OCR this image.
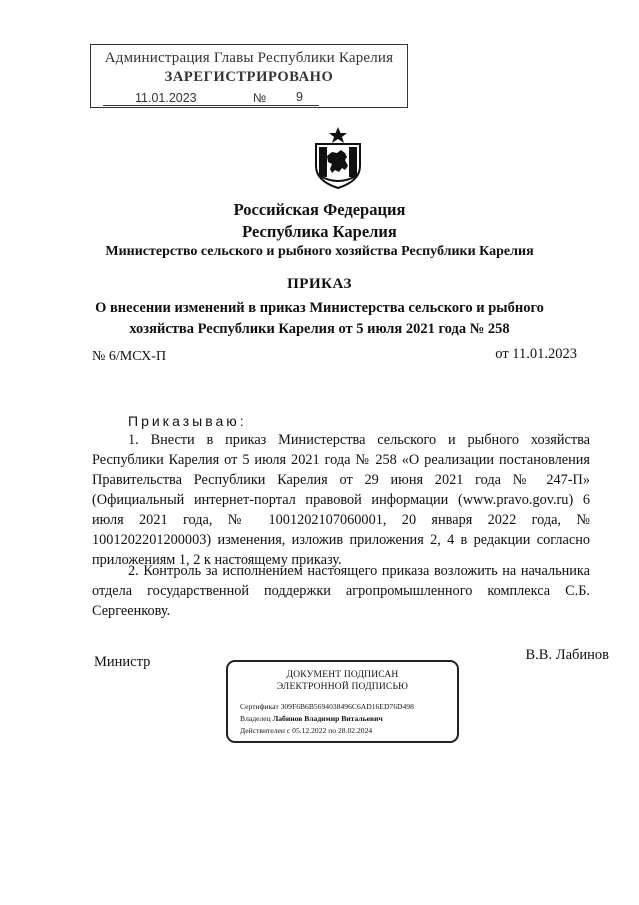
Администрация Главы Республики Карелия
ЗАРЕГИСТРИРОВАНО
11.01.2023	№ 9
Российская Федерация
Республика Карелия
Министерство сельского и рыбного хозяйства Республики Карелия
ПРИКАЗ
О внесении изменений в приказ Министерства сельского и рыбного
хозяйства Республики Карелия от 5 июля 2021 года № 258
№ 6/МСХ-П	от 11.01.2023
Приказываю:

1. Внести в приказ Министерства сельского и рыбного хозяйства Республики Карелия от 5 июля 2021 года № 258 «О реализации постановления Правительства Республики Карелия от 29 июня 2021 года № 247-П» (Официальный интернет-портал правовой информации (www.pravo.gov.ru) 6 июля 2021 года, № 1001202107060001, 20 января 2022 года, № 1001202201200003) изменения, изложив приложения 2, 4 в редакции согласно приложениям 1, 2 к настоящему приказу.

2. Контроль за исполнением настоящего приказа возложить на начальника отдела государственной поддержки агропромышленного комплекса С.Б. Сергеенкову.

Министр	В.В. Лабинов
ДОКУМЕНТ ПОДПИСАН
ЭЛЕКТРОННОЙ ПОДПИСЬЮ
Сертификат 309F6B6B5694038496C6AD16ED76D498
Владелец Лабинов Владимир Витальевич
Действителен с 05.12.2022 по 28.02.2024
